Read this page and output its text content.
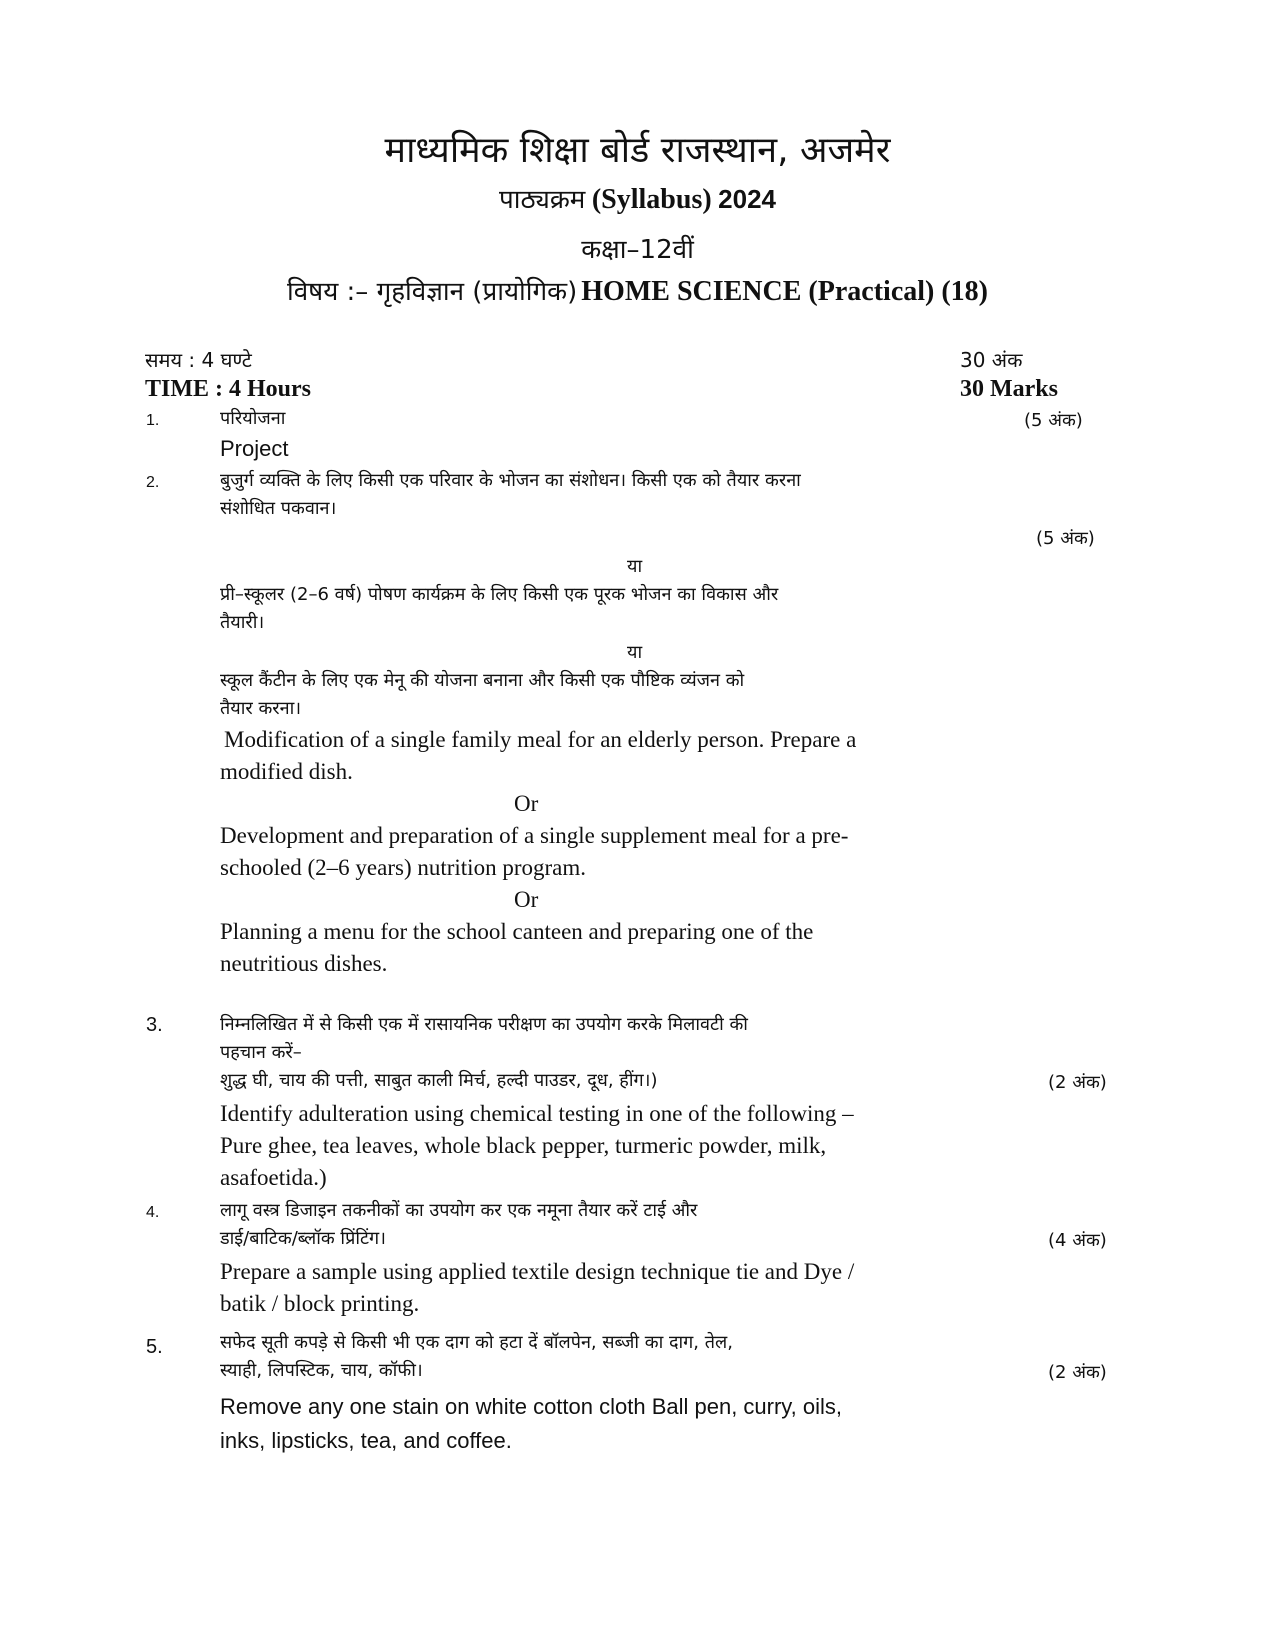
माध्यमिक शिक्षा बोर्ड राजस्थान, अजमेर
पाठ्यक्रम (Syllabus) 2024
कक्षा–12वीं
विषय :– गृहविज्ञान (प्रायोगिक) HOME SCIENCE (Practical) (18)
समय : 4 घण्टे	30 अंक
TIME : 4 Hours	30 Marks
1.	परियोजना	(5 अंक)
Project
2.	बुजुर्ग व्यक्ति के लिए किसी एक परिवार के भोजन का संशोधन। किसी एक को तैयार करना
संशोधित पकवान।
(5 अंक)
या
प्री–स्कूलर (2–6 वर्ष) पोषण कार्यक्रम के लिए किसी एक पूरक भोजन का विकास और
तैयारी।
या
स्कूल कैंटीन के लिए एक मेनू की योजना बनाना और किसी एक पौष्टिक व्यंजन को
तैयार करना।
Modification of a single family meal for an elderly person. Prepare a
modified dish.
Or
Development and preparation of a single supplement meal for a pre-
schooled (2–6 years) nutrition program.
Or
Planning a menu for the school canteen and preparing one of the
neutritious dishes.
3.	निम्नलिखित में से किसी एक में रासायनिक परीक्षण का उपयोग करके मिलावटी की
पहचान करें–
शुद्ध घी, चाय की पत्ती, साबुत काली मिर्च, हल्दी पाउडर, दूध, हींग।)	(2 अंक)
Identify adulteration using chemical testing in one of the following –
Pure ghee, tea leaves, whole black pepper, turmeric powder, milk,
asafoetida.)
4.	लागू वस्त्र डिजाइन तकनीकों का उपयोग कर एक नमूना तैयार करें टाई और
डाई/बाटिक/ब्लॉक प्रिंटिंग।	(4 अंक)
Prepare a sample using applied textile design technique tie and Dye /
batik / block printing.
5.	सफेद सूती कपड़े से किसी भी एक दाग को हटा दें बॉलपेन, सब्जी का दाग, तेल,
स्याही, लिपस्टिक, चाय, कॉफी।	(2 अंक)
Remove any one stain on white cotton cloth Ball pen, curry, oils,
inks, lipsticks, tea, and coffee.
